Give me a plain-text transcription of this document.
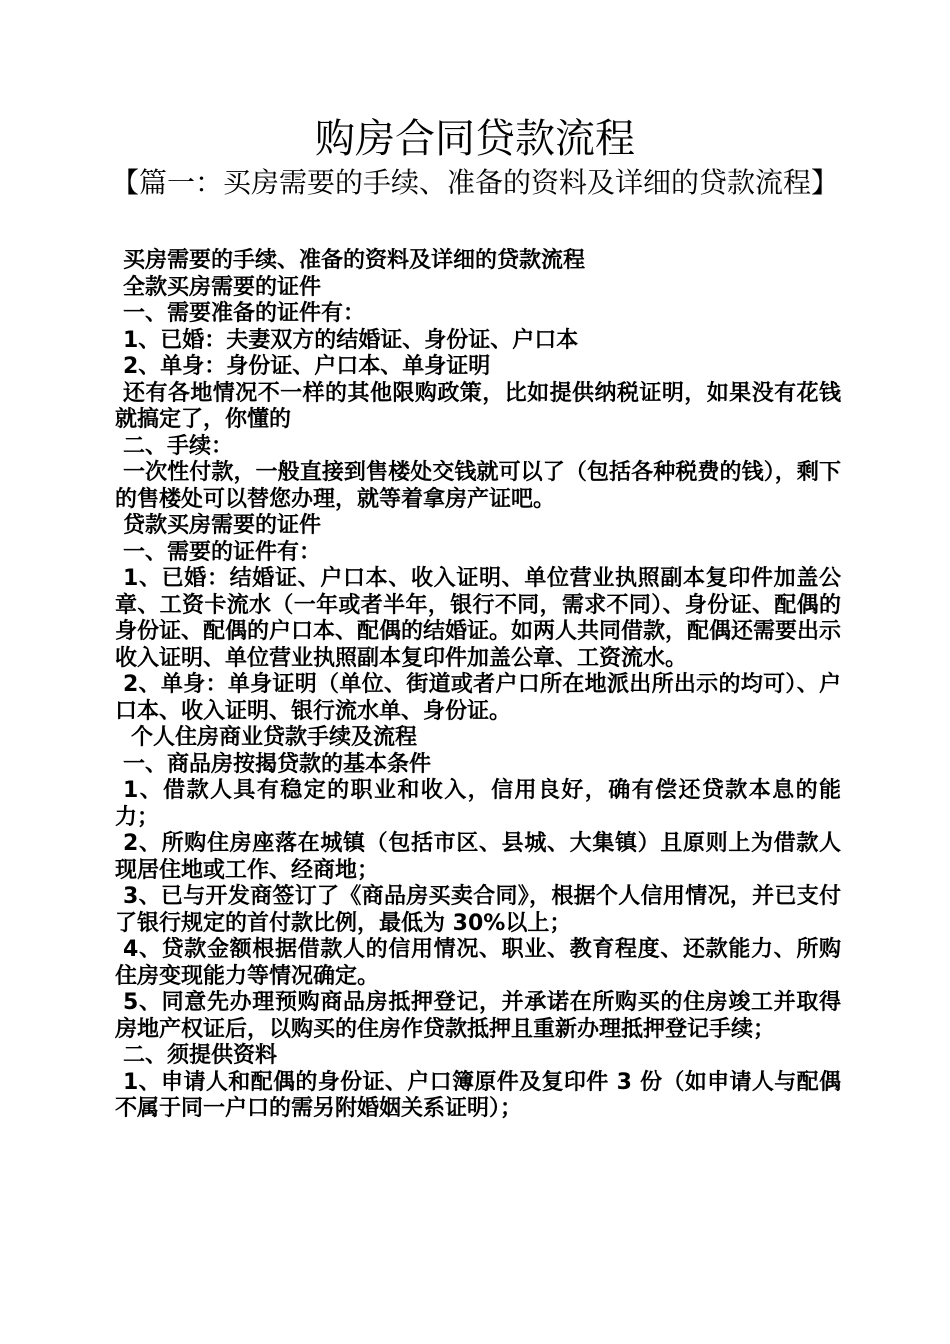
购房合同贷款流程
【篇一：买房需要的手续、准备的资料及详细的贷款流程】

买房需要的手续、准备的资料及详细的贷款流程

全款买房需要的证件

一、需要准备的证件有：

1、已婚：夫妻双方的结婚证、身份证、户口本

2、单身：身份证、户口本、单身证明

还有各地情况不一样的其他限购政策，比如提供纳税证明，如果没有花钱就搞定了，你懂的

二、手续：

一次性付款，一般直接到售楼处交钱就可以了（包括各种税费的钱），剩下的售楼处可以替您办理，就等着拿房产证吧。

贷款买房需要的证件

一、需要的证件有：

1、已婚：结婚证、户口本、收入证明、单位营业执照副本复印件加盖公章、工资卡流水（一年或者半年，银行不同，需求不同）、身份证、配偶的身份证、配偶的户口本、配偶的结婚证。如两人共同借款，配偶还需要出示收入证明、单位营业执照副本复印件加盖公章、工资流水。

2、单身：单身证明（单位、街道或者户口所在地派出所出示的均可）、户口本、收入证明、银行流水单、身份证。

个人住房商业贷款手续及流程

一、商品房按揭贷款的基本条件

1、借款人具有稳定的职业和收入，信用良好，确有偿还贷款本息的能力；

2、所购住房座落在城镇（包括市区、县城、大集镇）且原则上为借款人现居住地或工作、经商地；

3、已与开发商签订了《商品房买卖合同》，根据个人信用情况，并已支付了银行规定的首付款比例，最低为 30%以上；

4、贷款金额根据借款人的信用情况、职业、教育程度、还款能力、所购住房变现能力等情况确定。

5、同意先办理预购商品房抵押登记，并承诺在所购买的住房竣工并取得房地产权证后，以购买的住房作贷款抵押且重新办理抵押登记手续；

二、须提供资料

1、申请人和配偶的身份证、户口簿原件及复印件 3 份（如申请人与配偶不属于同一户口的需另附婚姻关系证明）；
